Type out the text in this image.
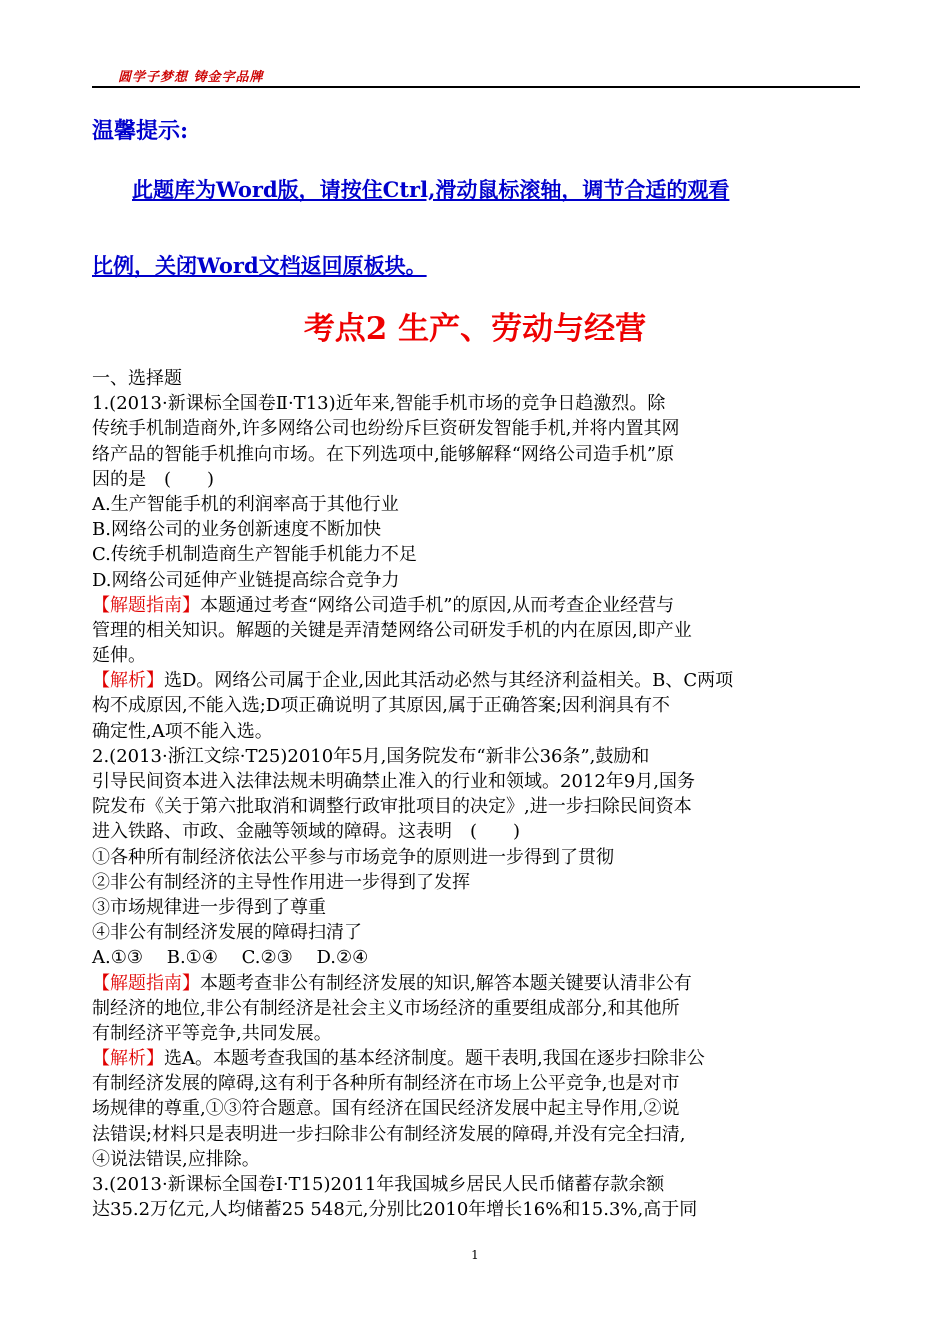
圆学子梦想 铸金字品牌
温馨提示:
此题库为Word版，请按住Ctrl,滑动鼠标滚轴，调节合适的观看
比例，关闭Word文档返回原板块。
考点2 生产、劳动与经营
一、选择题
1.(2013·新课标全国卷Ⅱ·T13)近年来,智能手机市场的竞争日趋激烈。除
传统手机制造商外,许多网络公司也纷纷斥巨资研发智能手机,并将内置其网
络产品的智能手机推向市场。在下列选项中,能够解释“网络公司造手机”原
因的是　(　　)
A.生产智能手机的利润率高于其他行业
B.网络公司的业务创新速度不断加快
C.传统手机制造商生产智能手机能力不足
D.网络公司延伸产业链提高综合竞争力
【解题指南】本题通过考查“网络公司造手机”的原因,从而考查企业经营与
管理的相关知识。解题的关键是弄清楚网络公司研发手机的内在原因,即产业
延伸。
【解析】选D。网络公司属于企业,因此其活动必然与其经济利益相关。B、C两项
构不成原因,不能入选;D项正确说明了其原因,属于正确答案;因利润具有不
确定性,A项不能入选。
2.(2013·浙江文综·T25)2010年5月,国务院发布“新非公36条”,鼓励和
引导民间资本进入法律法规未明确禁止准入的行业和领域。2012年9月,国务
院发布《关于第六批取消和调整行政审批项目的决定》,进一步扫除民间资本
进入铁路、市政、金融等领域的障碍。这表明　(　　)
①各种所有制经济依法公平参与市场竞争的原则进一步得到了贯彻
②非公有制经济的主导性作用进一步得到了发挥
③市场规律进一步得到了尊重
④非公有制经济发展的障碍扫清了
A.①③　 B.①④　 C.②③　 D.②④
【解题指南】本题考查非公有制经济发展的知识,解答本题关键要认清非公有
制经济的地位,非公有制经济是社会主义市场经济的重要组成部分,和其他所
有制经济平等竞争,共同发展。
【解析】选A。本题考查我国的基本经济制度。题干表明,我国在逐步扫除非公
有制经济发展的障碍,这有利于各种所有制经济在市场上公平竞争,也是对市
场规律的尊重,①③符合题意。国有经济在国民经济发展中起主导作用,②说
法错误;材料只是表明进一步扫除非公有制经济发展的障碍,并没有完全扫清,
④说法错误,应排除。
3.(2013·新课标全国卷Ⅰ·T15)2011年我国城乡居民人民币储蓄存款余额
达35.2万亿元,人均储蓄25 548元,分别比2010年增长16%和15.3%,高于同
1
